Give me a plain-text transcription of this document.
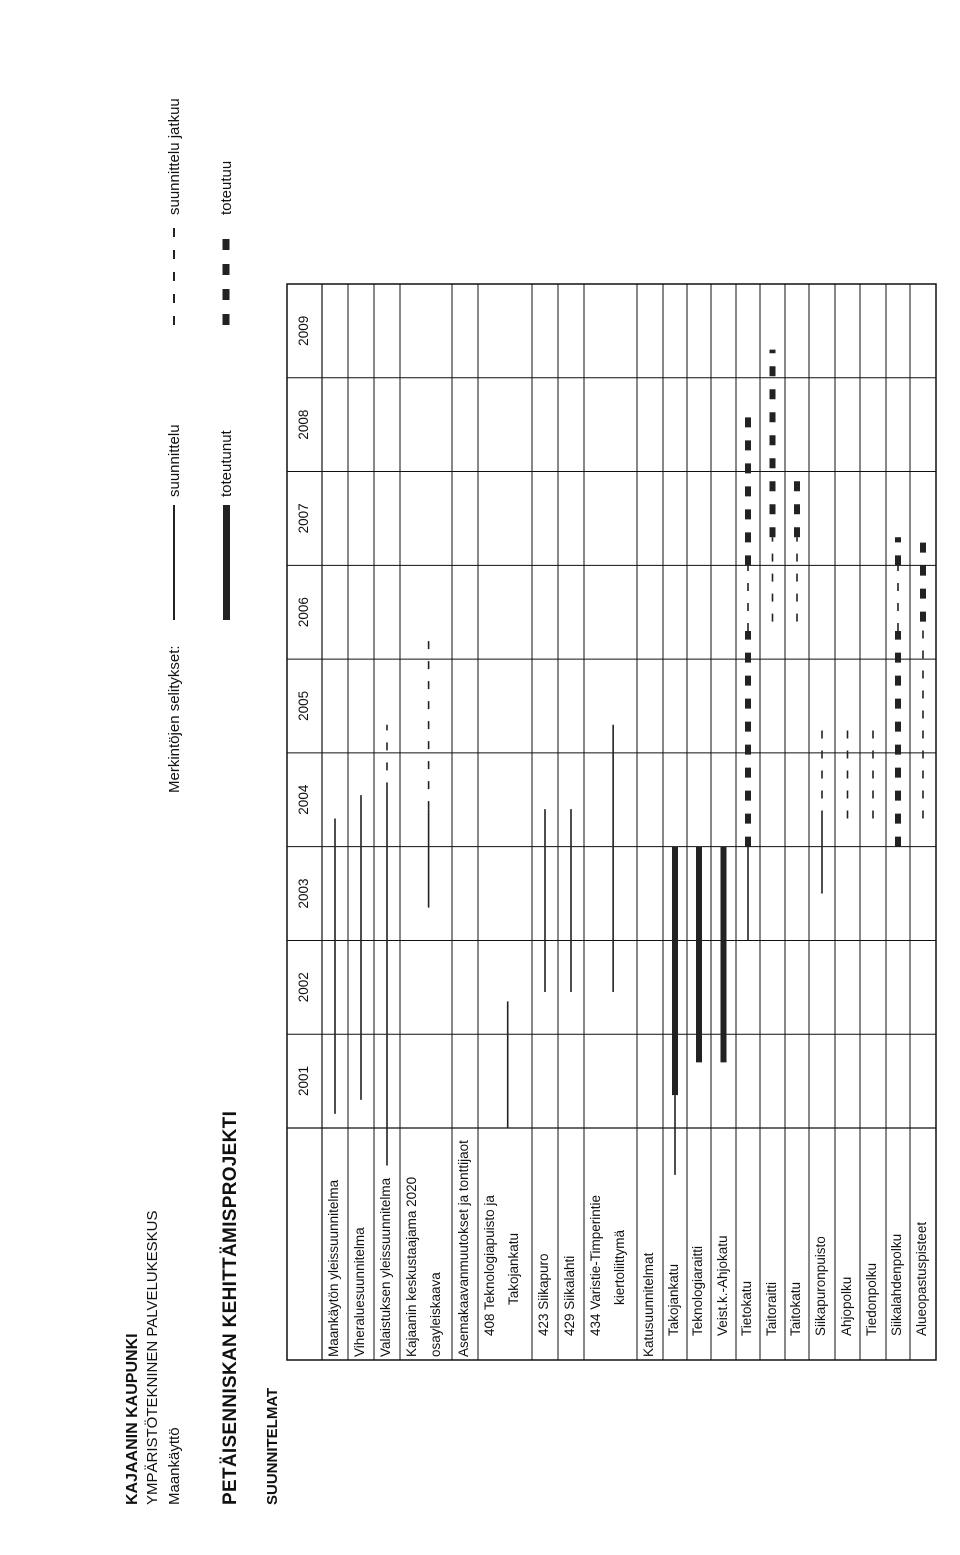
KAJAANIN KAUPUNKI YMPÄRISTÖTEKNINEN PALVELUKESKUS Maankäyttö
Merkintöjen selitykset:
suunnittelu
suunnittelu jatkuu
toteutunut
toteutuu
PETÄISENNISKAN KEHITTÄMISPROJEKTI SUUNNITELMAT
2001
2002
2003
2004
2005
2006
2007
2008
2009
Maankäytön yleissuunnitelma Viheraluesuunnitelma Valaistuksen yleissuunnitelma Kajaanin keskustaajama 2020 osayleiskaava Asemakaavanmuutokset ja tonttijaot 408 Teknologiapuisto ja Takojankatu 423 Siikapuro 429 Siikalahti 434 Varistie-Timperintie kiertoliittymä Katusuunnitelmat Takojankatu Teknologiaraitti Veist.k.-Ahjokatu Tietokatu Taitoraitti Taitokatu Siikapuronpuisto Ahjopolku Tiedonpolku Siikalahdenpolku Alueopastuspisteet
